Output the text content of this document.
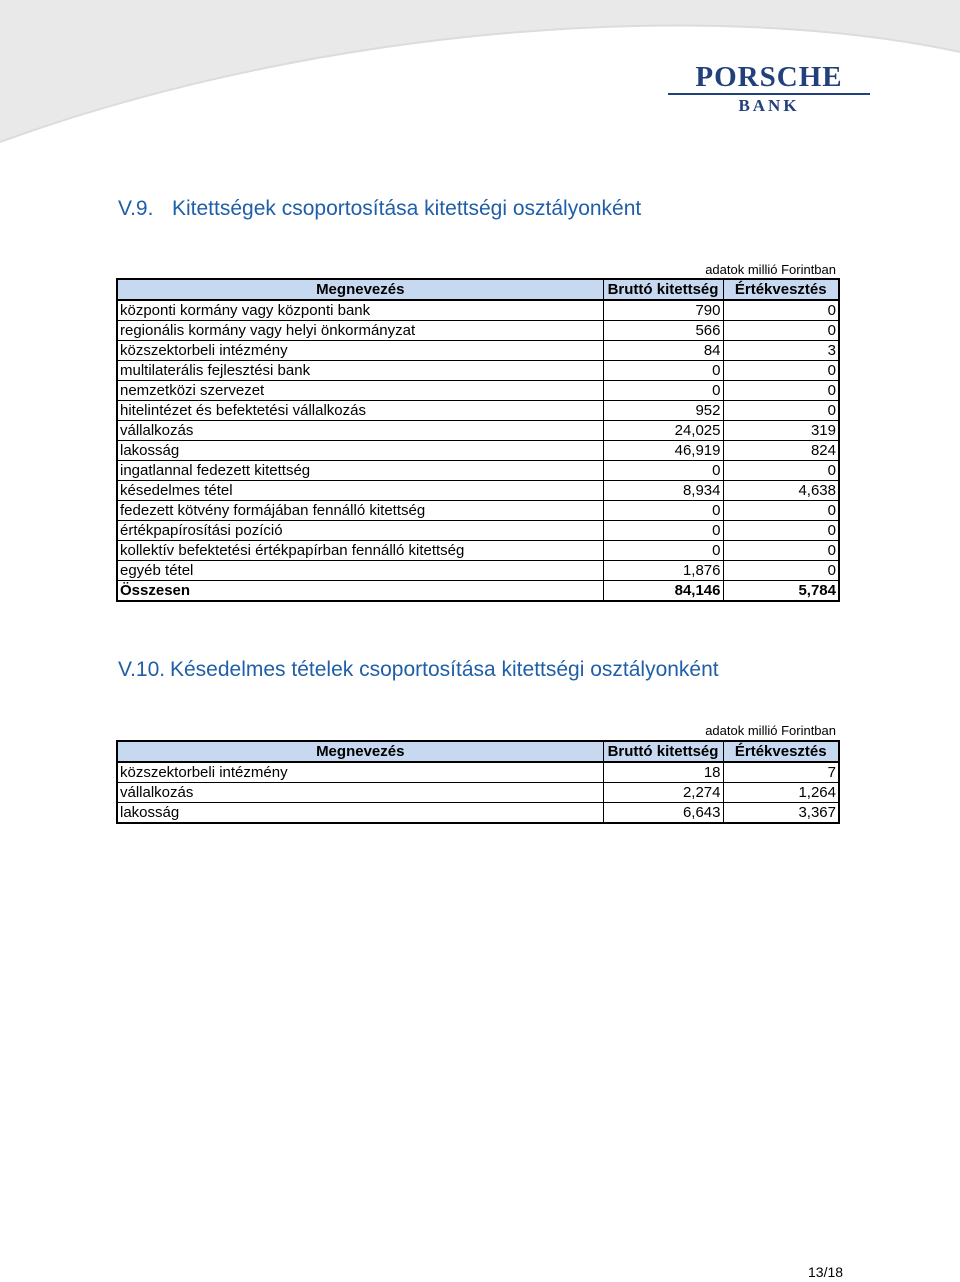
PORSCHE
BANK
V.9. Kitettségek csoportosítása kitettségi osztályonként
adatok millió Forintban
Megnevezés	Bruttó kitettség	Értékvesztés
központi kormány vagy központi bank	790	0
regionális kormány vagy helyi önkormányzat	566	0
közszektorbeli intézmény	84	3
multilaterális fejlesztési bank	0	0
nemzetközi szervezet	0	0
hitelintézet és befektetési vállalkozás	952	0
vállalkozás	24,025	319
lakosság	46,919	824
ingatlannal fedezett kitettség	0	0
késedelmes tétel	8,934	4,638
fedezett kötvény formájában fennálló kitettség	0	0
értékpapírosítási pozíció	0	0
kollektív befektetési értékpapírban fennálló kitettség	0	0
egyéb tétel	1,876	0
Összesen	84,146	5,784
V.10. Késedelmes tételek csoportosítása kitettségi osztályonként
adatok millió Forintban
Megnevezés	Bruttó kitettség	Értékvesztés
közszektorbeli intézmény	18	7
vállalkozás	2,274	1,264
lakosság	6,643	3,367
13/18
